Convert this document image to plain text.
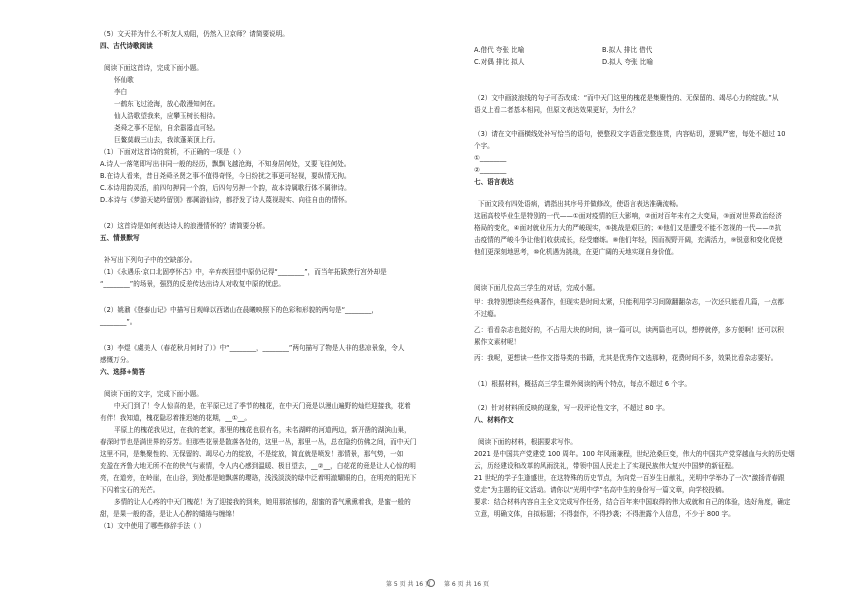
（5）文天祥为什么不听友人劝阻，仍然入卫京师？请简要说明。
四、古代诗歌阅读
阅读下面这首诗，完成下面小题。
怀仙歌
李白
一鹤东飞过沧海，放心散漫知何在。
仙人浩歌望我来，应攀玉树长相待。
尧舜之事不足惊，自余嚣嚣直可轻。
巨鳌莫载三山去，我欲蓬莱顶上行。
（1）下面对这首诗的赏析，不正确的一项是（ ）
A.诗人一落笔即写出非同一般的经历，飘飘飞越沧海，不知身居何处，又要飞往何处。
B.在诗人看来，昔日尧舜圣贤之事不值得奇怪，今日纷扰之事更可轻视，要纵情无拘。
C.本诗用韵灵活，前四句押同一个韵，后四句另押一个韵，故本诗属歌行体不属律诗。
D.本诗与《梦游天姥吟留别》都属游仙诗，都抒发了诗人蔑视现实、向往自由的情怀。
（2）这首诗是如何表达诗人的浪漫情怀的？请简要分析。
五、情景默写
补写出下列句子中的空缺部分。
（1）《永遇乐·京口北固亭怀古》中，辛弃疾回望中原仍记得“________”，而当年拓跋焘行宫外却是
“________”的场景，强烈的反差传达出诗人对收复中原的忧虑。
（2）姚鼐《登泰山记》中描写日观峰以西诸山在晨曦映照下的色彩和形貌的两句是“________，
________”。
（3）李煜《虞美人（春花秋月何时了）》中“________，________”两句描写了物是人非的悲凉景象，令人
感慨万分。
六、选择+简答
阅读下面的文字，完成下面小题。
中天门到了！令人惊喜的是，在平原已过了季节的槐花，在中天门竟是以漫山遍野的灿烂迎接我，花着
有伴！我知道，槐花隐忍着推迟她的花期，__①__。
平原上的槐花我见过，在我的老家，那里的槐花也很有名，未名湖畔的河道两边，新开凿的湖滨山巢，
春深时节也是满世界的芬芳。但那些花景是散落各处的，这里一丛，那里一丛，总在隐约仿佛之间，而中天门
这里不同，是集聚性的、无保留的、竭尽心力的绽放，不是绽放，简直就是喷发！那情景，那气势，一如
充盈在齐鲁大地无所不在的侠气与素情，令人内心感到温暖、极目望去，__②__，白花花的竟是让人心惊的明
亮，在道旁，在岭崖，在山谷，到处都是她飘落的璎珞，浅浅淡淡的绿中泛着明澈耀眼的白，在明亮的阳光下
下闪着宝石的光芒。
多情的让人心疼的中天门槐花！为了迎接我的到来，她用那浓郁的，甜蜜的香气熏熏着我，是蜜一般的
甜，是果一般的香，是让人心醉的缱绻与缠绵！
（1）文中使用了哪些修辞手法（ ）
（2）文中画波浪线的句子可否改成：“而中天门这里的槐花是集聚性的、无保留的、竭尽心力的绽放。”从
语义上看二者基本相同，但原文表达效果更好，为什么？
（3）请在文中画横线处补写恰当的语句，使整段文字语意完整连贯，内容贴切，逻辑严密，每处不超过 10
个字。
①________
②________
七、语言表达
下面文段有四处语病，请指出其序号并做修改，使语言表达准确流畅。
这届高校毕业生是特别的一代——①面对疫情的巨大影响，②面对百年未有之大变局，③面对世界政治经济
格局的变化，④面对就业压力大的严峻现实，⑤挑战是艰巨的；⑥他们又是遭受不能不忽视的一代——⑦抗
击疫情的严峻斗争让他们收获成长，经受磨练。⑧他们年轻，因而视野开阔，充满活力，⑨锐意和变化促使
他们更深刻地思考，⑩化机遇为挑战，在更广阔的天地实现自身价值。
阅读下面几位高三学生的对话，完成小题。
甲：我特别想读些经典著作，但现实是时间太紧，只能利用学习间隙翻翻杂志，一次还只能看几篇，一点都
不过瘾。
乙：看看杂志也挺好的，不占用大块的时间，读一篇可以，读两篇也可以，想停就停，多方便啊！还可以积
累作文素材呢！
丙：我呢，更想读一些作文指导类的书籍，尤其是优秀作文选那种，花费时间不多，效果比看杂志要好。
（1）根据材料，概括高三学生课外阅读的两个特点，每点不超过 6 个字。
（2）针对材料所反映的现象，写一段评论性文字，不超过 80 字。
八、材料作文
阅读下面的材料，根据要求写作。
2021 是中国共产党建党 100 周年。100 年风雨兼程，世纪沧桑巨变，伟大的中国共产党穿越血与火的历史烟
云，历经建设和改革的风雨洗礼，带领中国人民走上了实现民族伟大复兴中国梦的新征程。
21 世纪的学子生逢盛世，在这特殊的历史节点，为向党一百岁生日献礼，光明中学举办了一次“激扬青春跟
党走”为主题的征文活动。请你以“光明中学”名高中生的身份写一篇文章，向学校投稿。
要求：结合材料内容自主全文完成写作任务，结合百年来中国取得的伟大成就和自己的体验，选好角度，确定
立意，明确文体，自拟标题；不得套作，不得抄袭；不得泄露个人信息，不少于 800 字。
A.借代 夸张 比喻	B.拟人 排比 借代
C.对偶 排比 拟人	D.拟人 夸张 比喻
第 5 页 共 16 页 第 6 页 共 16 页
